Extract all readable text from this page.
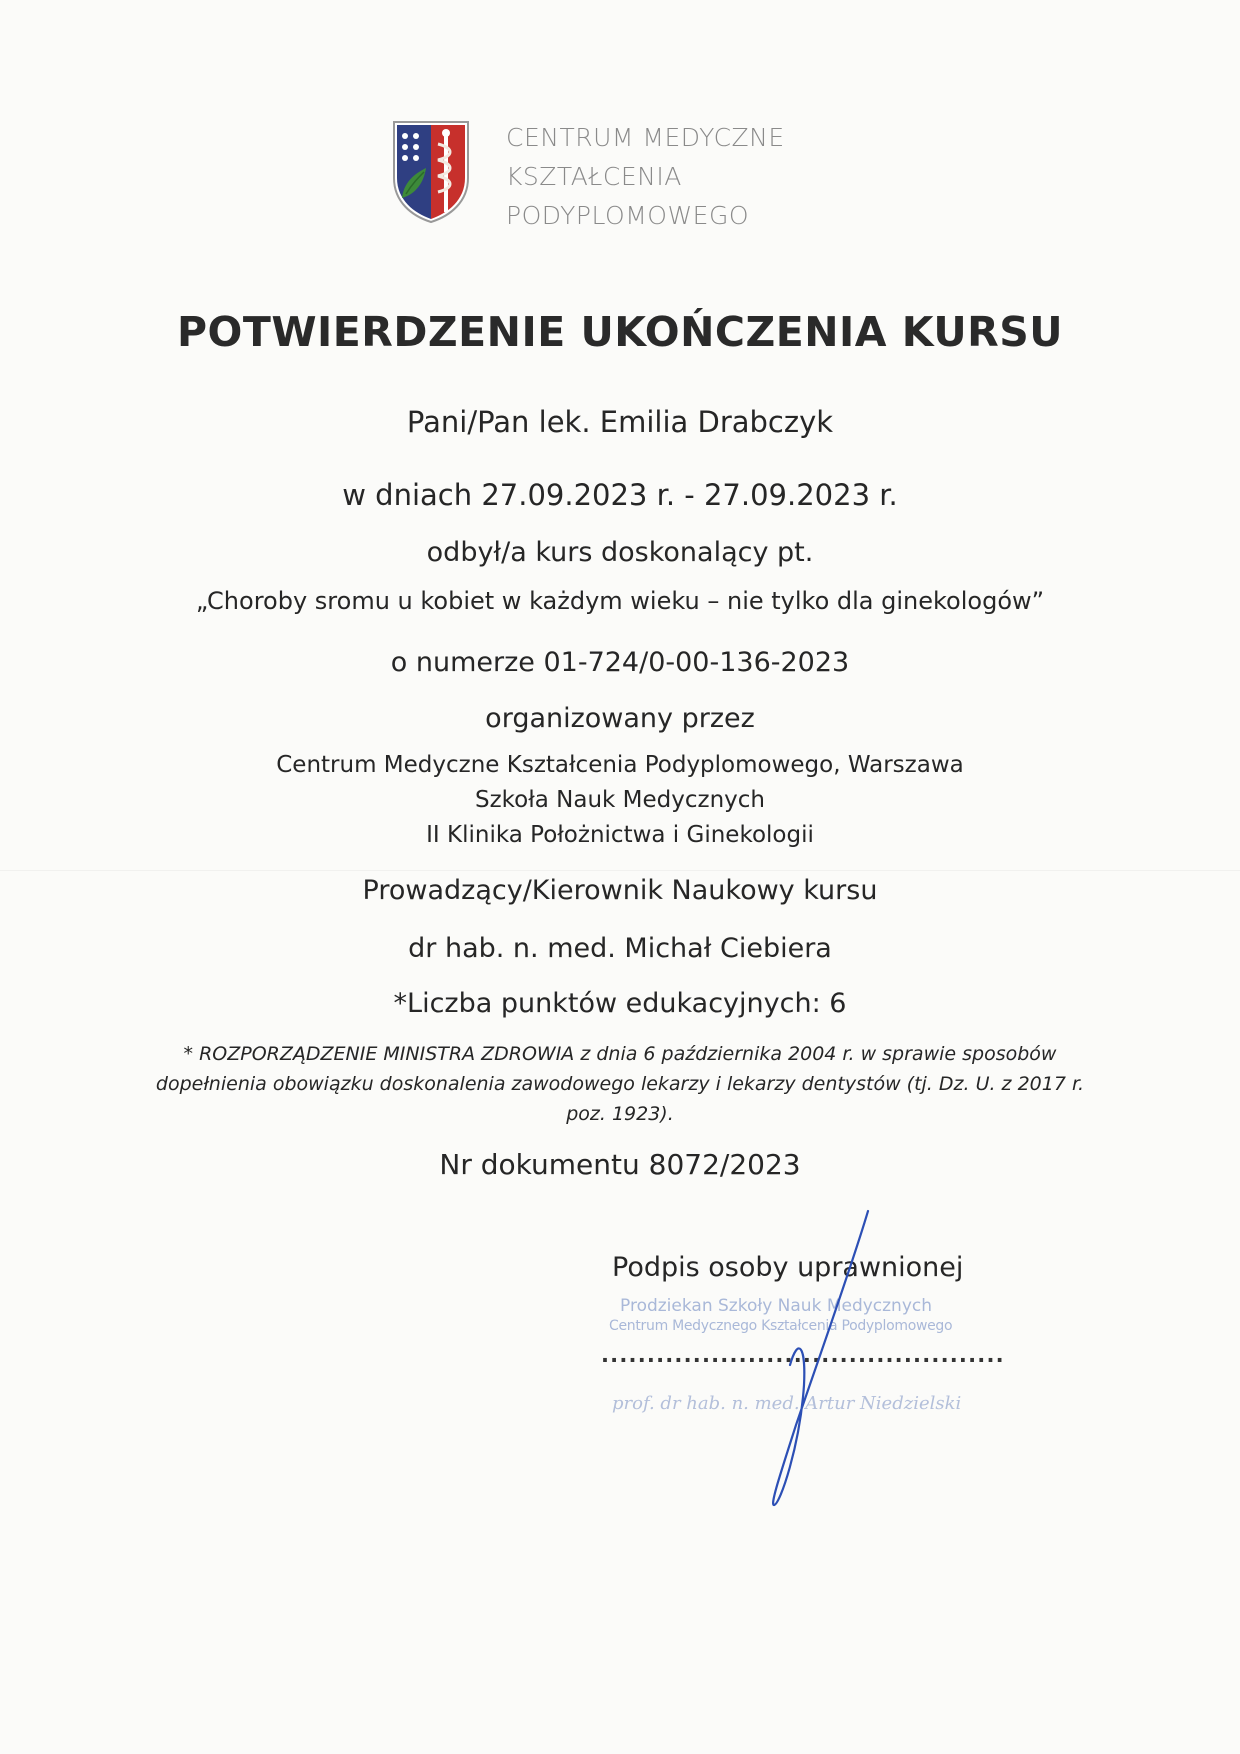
CENTRUM MEDYCZNE
KSZTAŁCENIA
PODYPLOMOWEGO
POTWIERDZENIE UKOŃCZENIA KURSU
Pani/Pan lek. Emilia Drabczyk
w dniach 27.09.2023 r. - 27.09.2023 r.
odbył/a kurs doskonalący pt.
„Choroby sromu u kobiet w każdym wieku – nie tylko dla ginekologów”
o numerze 01-724/0-00-136-2023
organizowany przez
Centrum Medyczne Kształcenia Podyplomowego, Warszawa
Szkoła Nauk Medycznych
II Klinika Położnictwa i Ginekologii
Prowadzący/Kierownik Naukowy kursu
dr hab. n. med. Michał Ciebiera
*Liczba punktów edukacyjnych: 6
* ROZPORZĄDZENIE MINISTRA ZDROWIA z dnia 6 października 2004 r. w sprawie sposobów
dopełnienia obowiązku doskonalenia zawodowego lekarzy i lekarzy dentystów (tj. Dz. U. z 2017 r.
poz. 1923).
Nr dokumentu 8072/2023
Podpis osoby uprawnionej
Prodziekan Szkoły Nauk Medycznych
Centrum Medycznego Kształcenia Podyplomowego
............................................
prof. dr hab. n. med. Artur Niedzielski
